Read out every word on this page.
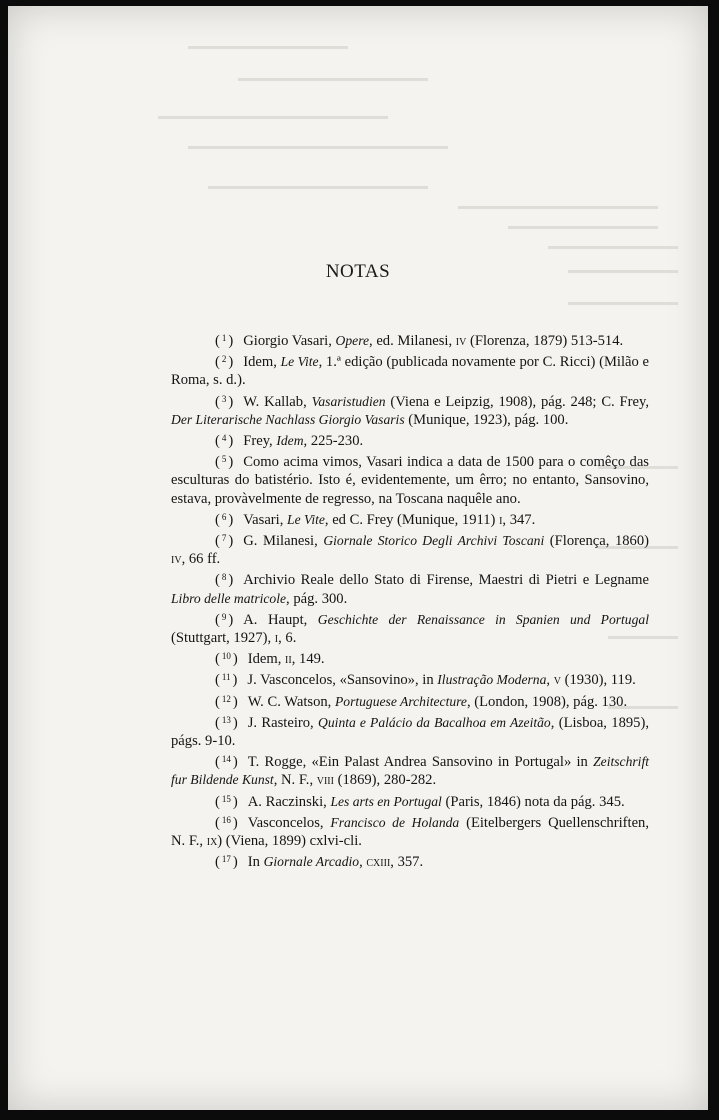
NOTAS
( $^1$ ) Giorgio Vasari, Opere, ed. Milanesi, iv (Florenza, 1879) 513-514.
( $^2$ ) Idem, Le Vite, 1.ª edição (publicada novamente por C. Ricci) (Milão e Roma, s. d.).
( $^3$ ) W. Kallab, Vasaristudien (Viena e Leipzig, 1908), pág. 248; C. Frey, Der Literarische Nachlass Giorgio Vasaris (Munique, 1923), pág. 100.
( $^4$ ) Frey, Idem, 225-230.
( $^5$ ) Como acima vimos, Vasari indica a data de 1500 para o comêço das esculturas do batistério. Isto é, evidentemente, um êrro; no entanto, Sansovino, estava, provàvelmente de regresso, na Toscana naquêle ano.
( $^6$ ) Vasari, Le Vite, ed C. Frey (Munique, 1911) i, 347.
( $^7$ ) G. Milanesi, Giornale Storico Degli Archivi Toscani (Florença, 1860) iv, 66 ff.
( $^8$ ) Archivio Reale dello Stato di Firense, Maestri di Pietri e Legname Libro delle matricole, pág. 300.
( $^9$ ) A. Haupt, Geschichte der Renaissance in Spanien und Portugal (Stuttgart, 1927), i, 6.
( $^{10}$ ) Idem, ii, 149.
( $^{11}$ ) J. Vasconcelos, «Sansovino», in Ilustração Moderna, v (1930), 119.
( $^{12}$ ) W. C. Watson, Portuguese Architecture, (London, 1908), pág. 130.
( $^{13}$ ) J. Rasteiro, Quinta e Palácio da Bacalhoa em Azeitão, (Lisboa, 1895), págs. 9-10.
( $^{14}$ ) T. Rogge, «Ein Palast Andrea Sansovino in Portugal» in Zeitschrift fur Bildende Kunst, N. F., viii (1869), 280-282.
( $^{15}$ ) A. Raczinski, Les arts en Portugal (Paris, 1846) nota da pág. 345.
( $^{16}$ ) Vasconcelos, Francisco de Holanda (Eitelbergers Quellenschriften, N. F., ix) (Viena, 1899) cxlvi-cli.
( $^{17}$ ) In Giornale Arcadio, cxiii, 357.
